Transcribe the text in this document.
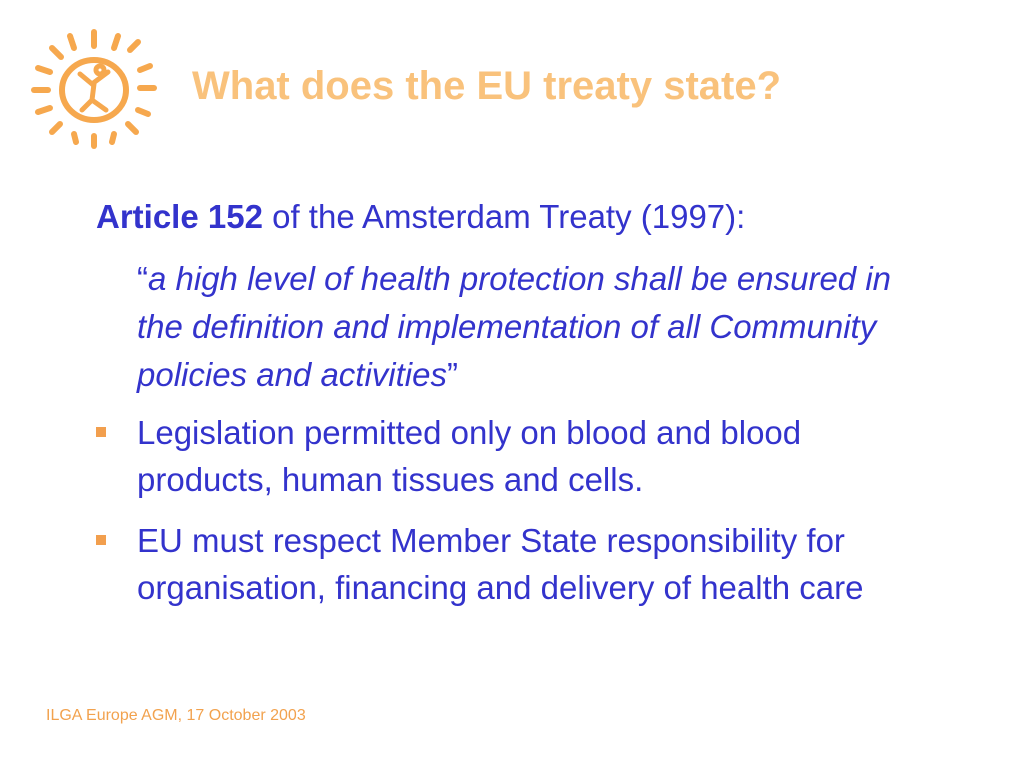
What does the EU treaty state?
Article 152 of the Amsterdam Treaty (1997):
“a high level of health protection shall be ensured in the definition and implementation of all Community policies and activities”
Legislation permitted only on blood and blood products, human tissues and cells.
EU must respect Member State responsibility for organisation, financing and delivery of health care
ILGA Europe AGM, 17 October 2003
